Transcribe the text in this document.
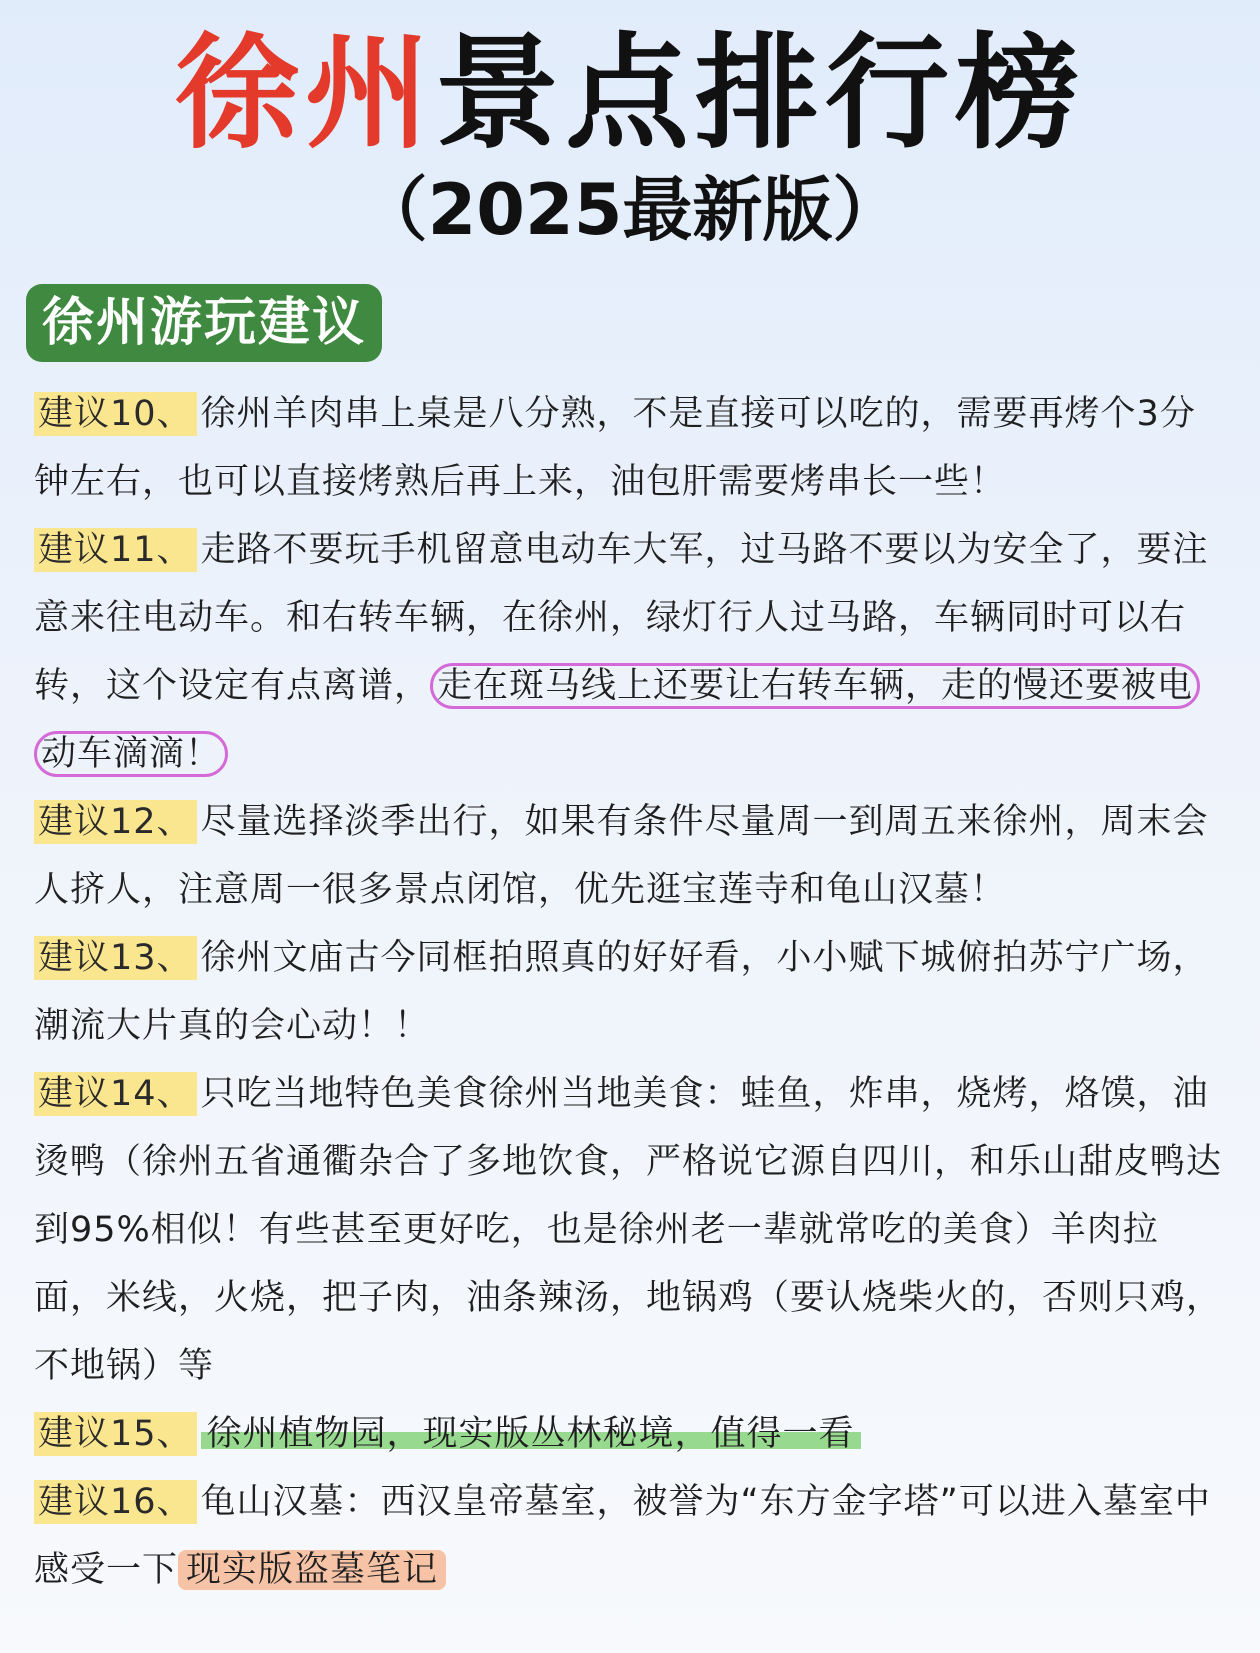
徐州景点排行榜
（2025最新版）
徐州游玩建议

建议10、 徐州羊肉串上桌是八分熟，不是直接可以吃的，需要再烤个3分钟左右，也可以直接烤熟后再上来，油包肝需要烤串长一些！

建议11、 走路不要玩手机留意电动车大军，过马路不要以为安全了，要注意来往电动车。和右转车辆，在徐州，绿灯行人过马路，车辆同时可以右转，这个设定有点离谱， 走在斑马线上还要让右转车辆，走的慢还要被电动车滴滴！

建议12、 尽量选择淡季出行，如果有条件尽量周一到周五来徐州，周末会人挤人，注意周一很多景点闭馆，优先逛宝莲寺和龟山汉墓！

建议13、 徐州文庙古今同框拍照真的好好看，小小赋下城俯拍苏宁广场，潮流大片真的会心动！！

建议14、 只吃当地特色美食徐州当地美食：蛙鱼，炸串，烧烤，烙馍，油烫鸭（徐州五省通衢杂合了多地饮食，严格说它源自四川，和乐山甜皮鸭达到95%相似！有些甚至更好吃，也是徐州老一辈就常吃的美食）羊肉拉面，米线，火烧，把子肉，油条辣汤，地锅鸡（要认烧柴火的，否则只鸡，不地锅）等

建议15、 徐州植物园，现实版丛林秘境，值得一看

建议16、 龟山汉墓：西汉皇帝墓室，被誉为“东方金字塔”可以进入墓室中感受一下 现实版盗墓笔记
